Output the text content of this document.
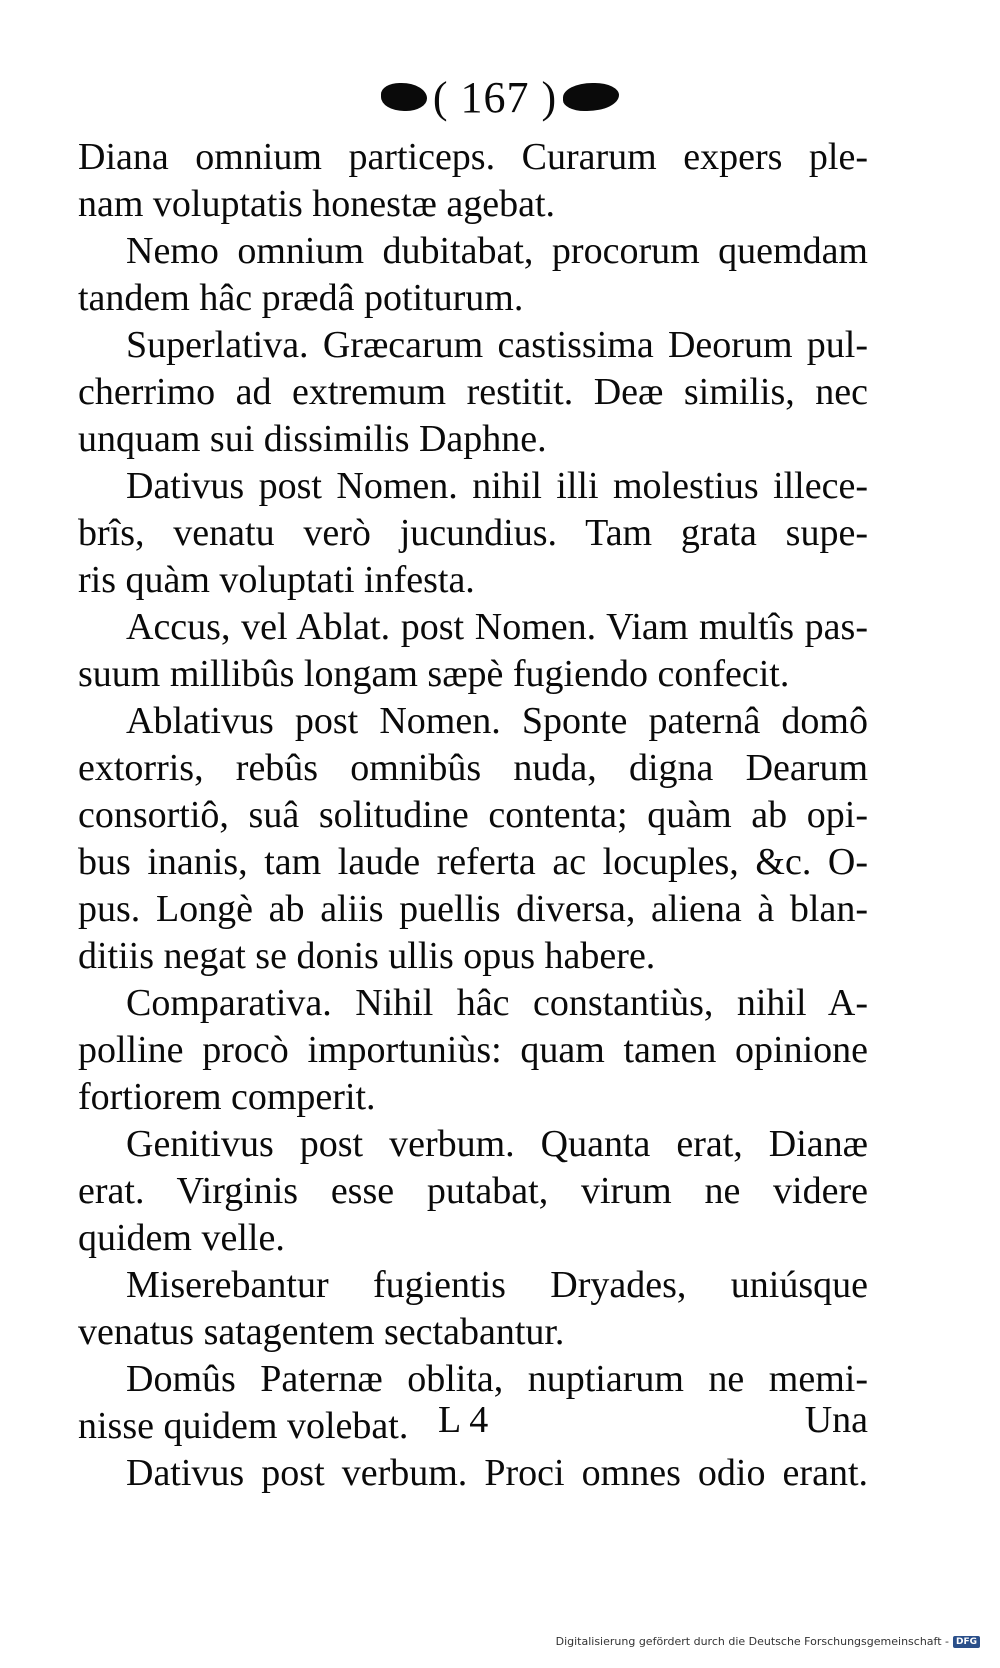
( 167 )
Diana omnium particeps. Curarum expers ple-
nam voluptatis honestæ agebat.
Nemo omnium dubitabat, procorum quemdam
tandem hâc prædâ potiturum.
Superlativa. Græcarum castissima Deorum pul-
cherrimo ad extremum restitit. Deæ similis, nec
unquam sui dissimilis Daphne.
Dativus post Nomen. nihil illi molestius illece-
brîs, venatu verò jucundius. Tam grata supe-
ris quàm voluptati infesta.
Accus, vel Ablat. post Nomen. Viam multîs pas-
suum millibûs longam sæpè fugiendo confecit.
Ablativus post Nomen. Sponte paternâ domô
extorris, rebûs omnibûs nuda, digna Dearum
consortiô, suâ solitudine contenta; quàm ab opi-
bus inanis, tam laude referta ac locuples, &c. O-
pus. Longè ab aliis puellis diversa, aliena à blan-
ditiis negat se donis ullis opus habere.
Comparativa. Nihil hâc constantiùs, nihil A-
polline procò importuniùs: quam tamen opinione
fortiorem comperit.
Genitivus post verbum. Quanta erat, Dianæ
erat. Virginis esse putabat, virum ne videre
quidem velle.
Miserebantur fugientis Dryades, uniúsque
venatus satagentem sectabantur.
Domûs Paternæ oblita, nuptiarum ne memi-
nisse quidem volebat.
Dativus post verbum. Proci omnes odio erant.
L 4	Una
Digitalisierung gefördert durch die Deutsche Forschungsgemeinschaft - DFG
